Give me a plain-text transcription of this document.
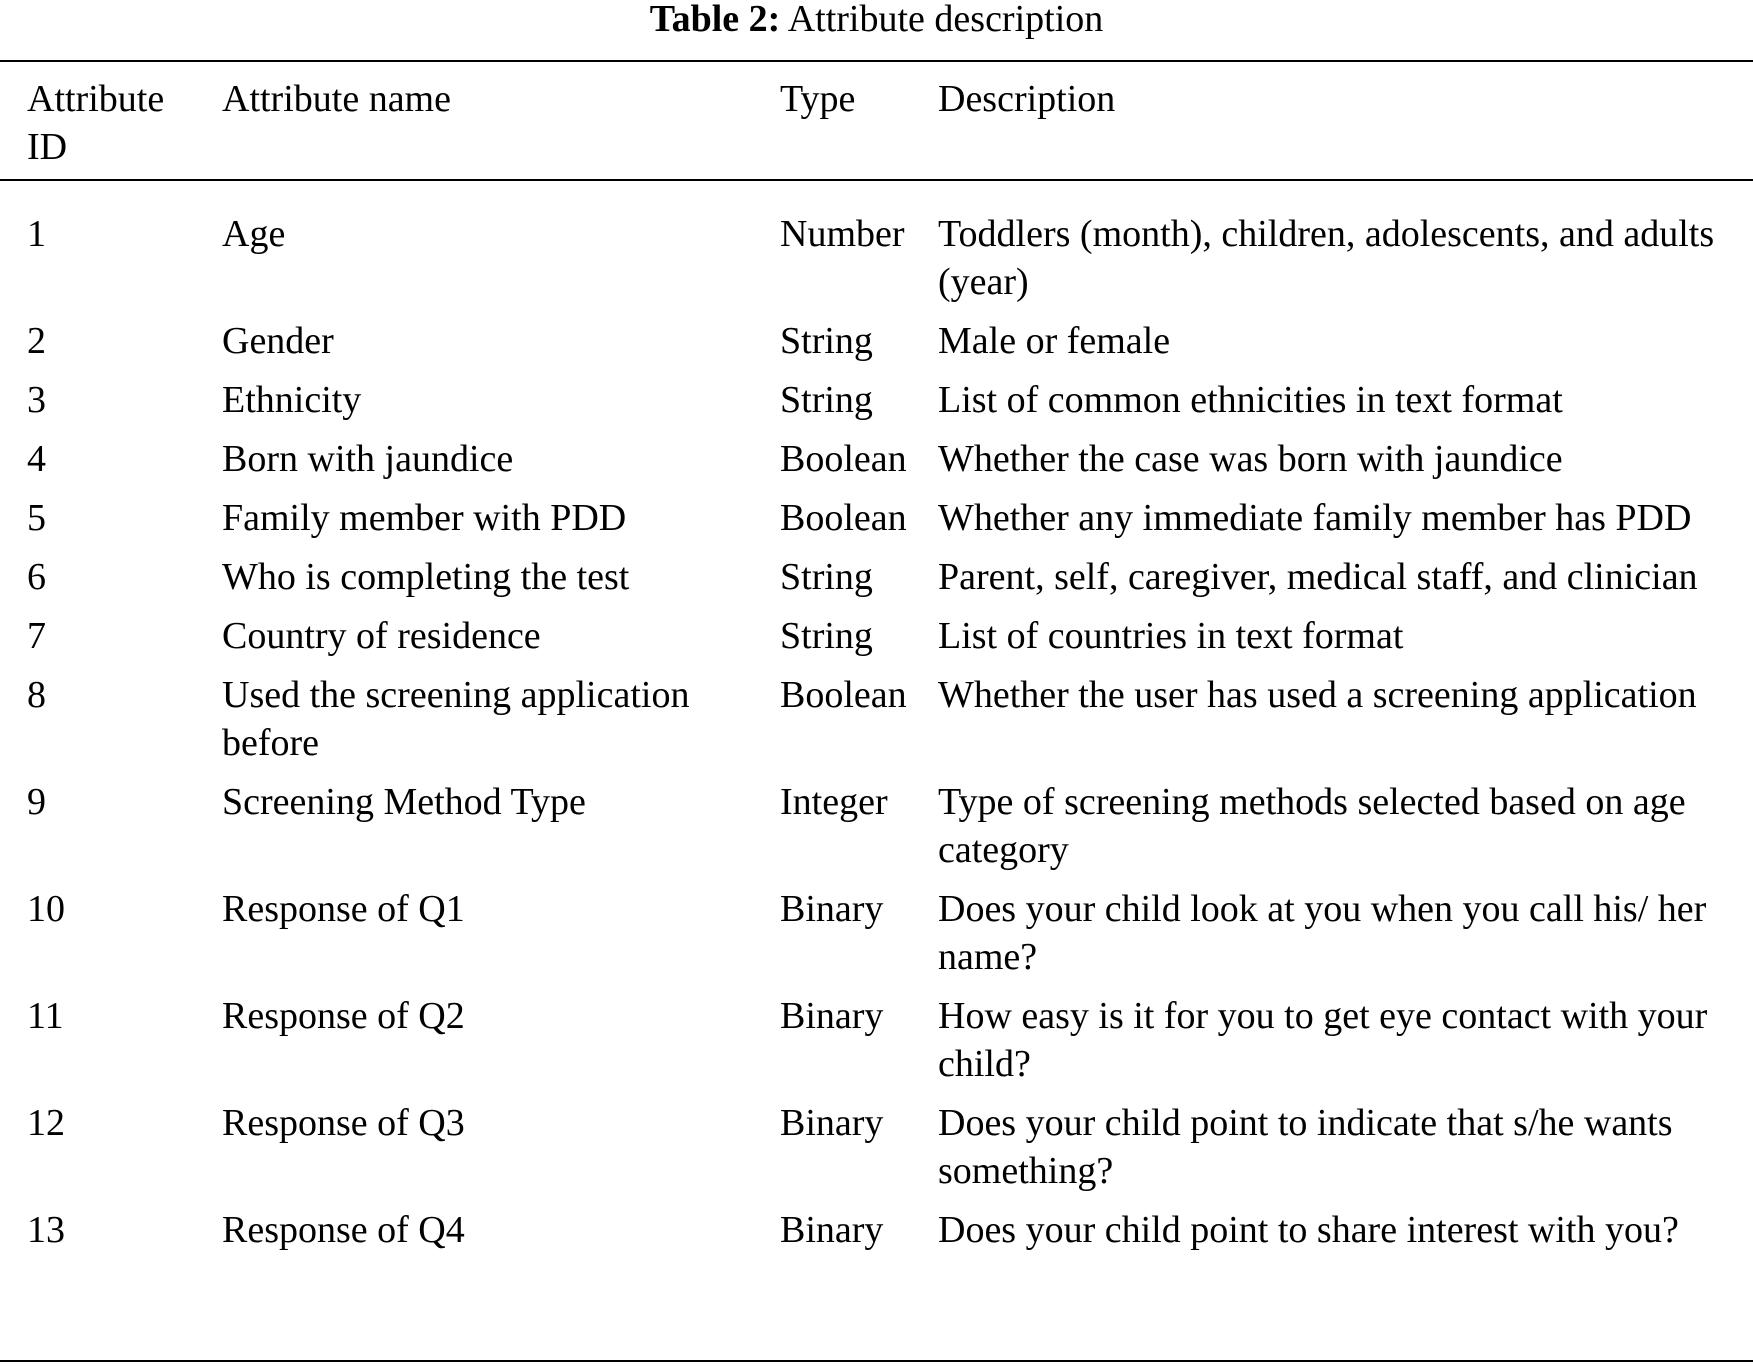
Table 2: Attribute description
Attribute
ID	Attribute name	Type	Description
1	Age	Number	Toddlers (month), children, adolescents, and adults (year)
2	Gender	String	Male or female
3	Ethnicity	String	List of common ethnicities in text format
4	Born with jaundice	Boolean	Whether the case was born with jaundice
5	Family member with PDD	Boolean	Whether any immediate family member has PDD
6	Who is completing the test	String	Parent, self, caregiver, medical staff, and clinician
7	Country of residence	String	List of countries in text format
8	Used the screening application before	Boolean	Whether the user has used a screening application
9	Screening Method Type	Integer	Type of screening methods selected based on age category
10	Response of Q1	Binary	Does your child look at you when you call his/ her name?
11	Response of Q2	Binary	How easy is it for you to get eye contact with your child?
12	Response of Q3	Binary	Does your child point to indicate that s/he wants something?
13	Response of Q4	Binary	Does your child point to share interest with you?
